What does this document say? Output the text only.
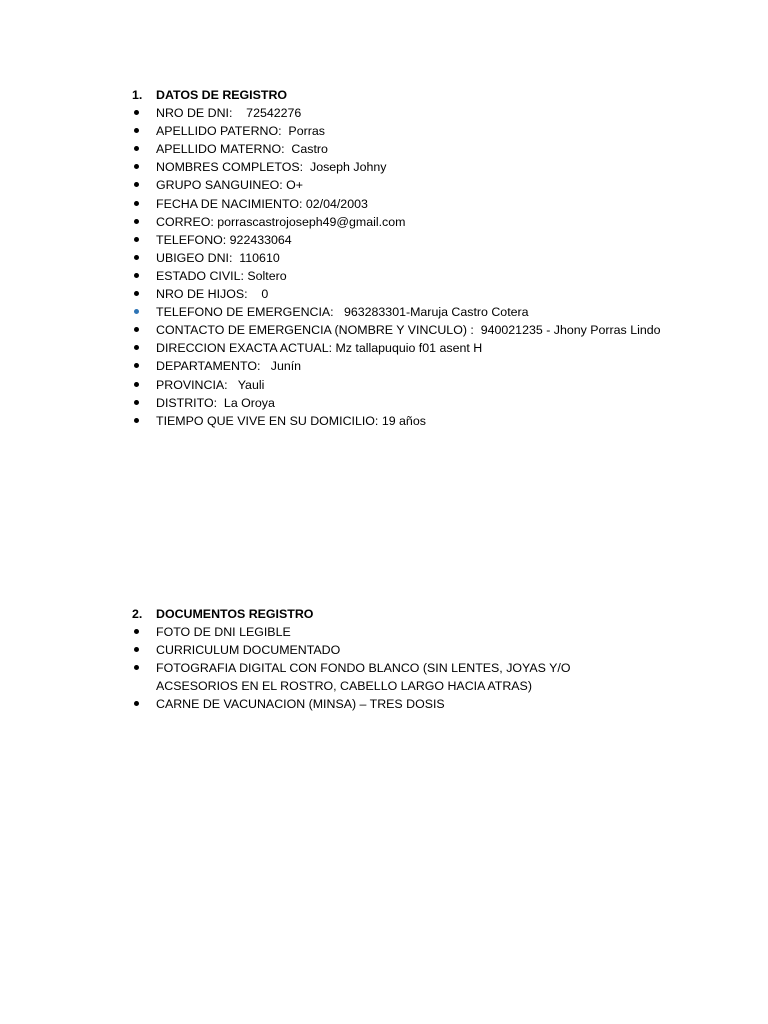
1.	DATOS DE REGISTRO
NRO DE DNI:    72542276
APELLIDO PATERNO:  Porras
APELLIDO MATERNO:  Castro
NOMBRES COMPLETOS:  Joseph Johny
GRUPO SANGUINEO: O+
FECHA DE NACIMIENTO: 02/04/2003
CORREO: porrascastrojoseph49@gmail.com
TELEFONO: 922433064
UBIGEO DNI:  110610
ESTADO CIVIL: Soltero
NRO DE HIJOS:    0
TELEFONO DE EMERGENCIA:   963283301-Maruja Castro Cotera
CONTACTO DE EMERGENCIA (NOMBRE Y VINCULO) :  940021235 - Jhony Porras Lindo
DIRECCION EXACTA ACTUAL: Mz tallapuquio f01 asent H
DEPARTAMENTO:   Junín
PROVINCIA:   Yauli
DISTRITO:  La Oroya
TIEMPO QUE VIVE EN SU DOMICILIO: 19 años
2.	DOCUMENTOS REGISTRO
FOTO DE DNI LEGIBLE
CURRICULUM DOCUMENTADO
FOTOGRAFIA DIGITAL CON FONDO BLANCO (SIN LENTES, JOYAS Y/O ACSESORIOS EN EL ROSTRO, CABELLO LARGO HACIA ATRAS)
CARNE DE VACUNACION (MINSA) – TRES DOSIS
